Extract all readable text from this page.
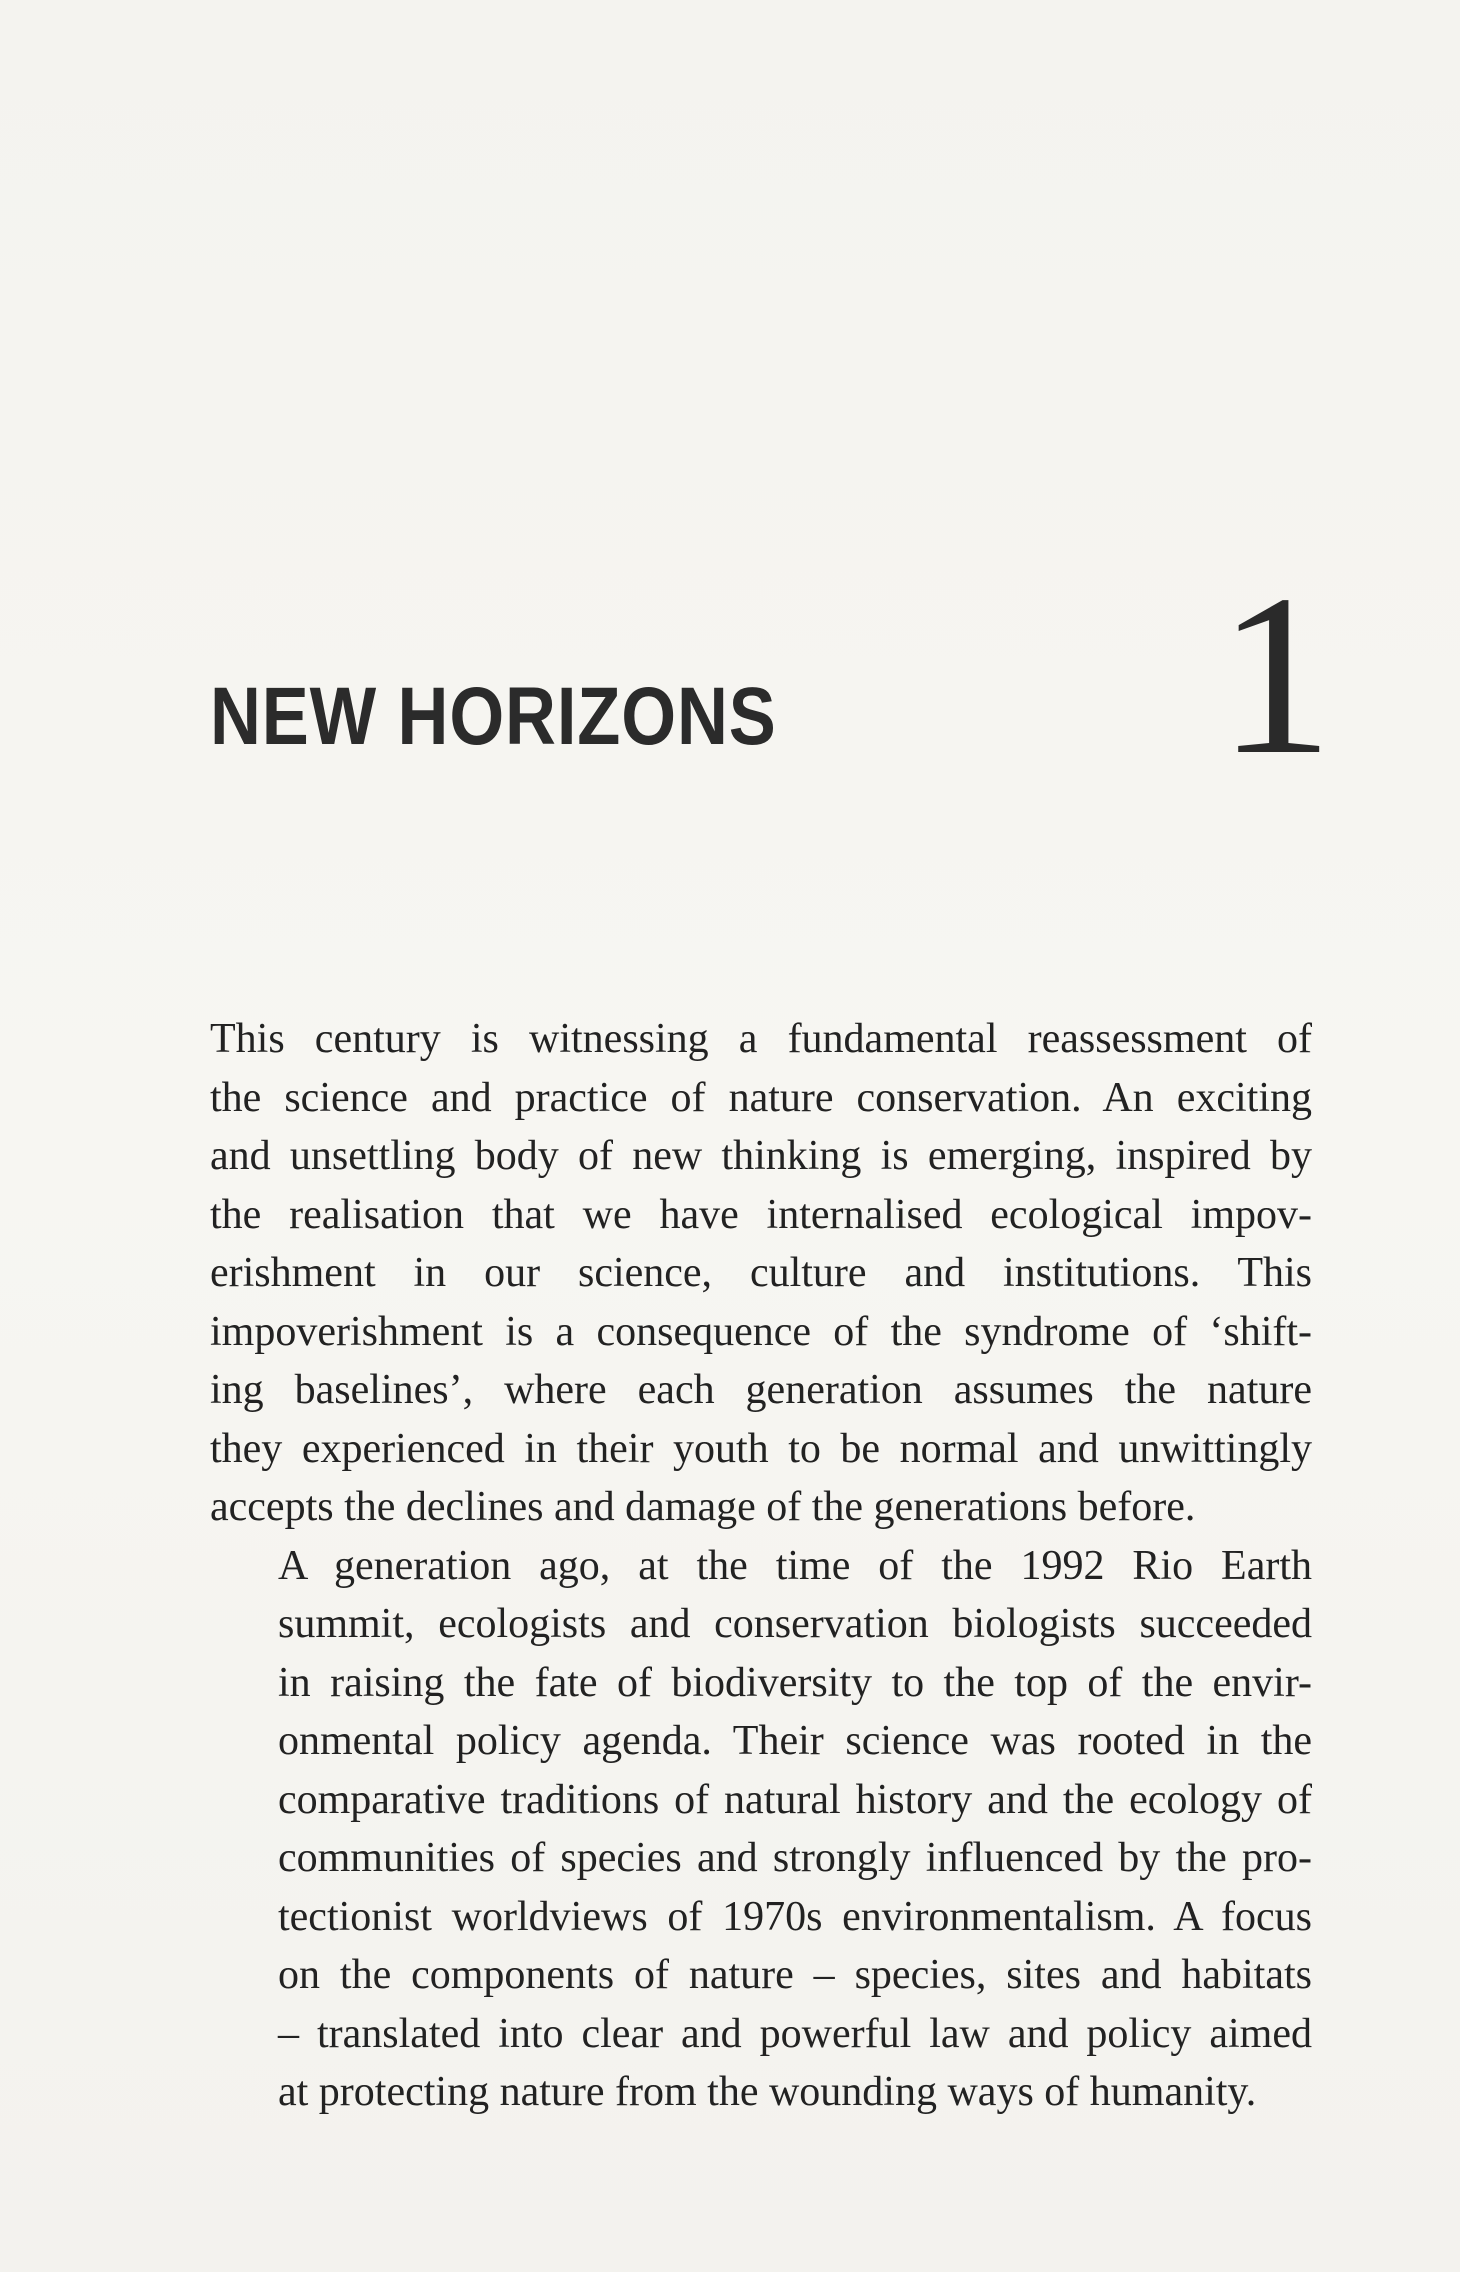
NEW HORIZONS 1

This century is witnessing a fundamental reassessment of
the science and practice of nature conservation. An exciting
and unsettling body of new thinking is emerging, inspired by
the realisation that we have internalised ecological impov-
erishment in our science, culture and institutions. This
impoverishment is a consequence of the syndrome of ‘shift-
ing baselines’, where each generation assumes the nature
they experienced in their youth to be normal and unwittingly
accepts the declines and damage of the generations before.

A generation ago, at the time of the 1992 Rio Earth
summit, ecologists and conservation biologists succeeded
in raising the fate of biodiversity to the top of the envir-
onmental policy agenda. Their science was rooted in the
comparative traditions of natural history and the ecology of
communities of species and strongly influenced by the pro-
tectionist worldviews of 1970s environmentalism. A focus
on the components of nature – species, sites and habitats
– translated into clear and powerful law and policy aimed
at protecting nature from the wounding ways of humanity.
